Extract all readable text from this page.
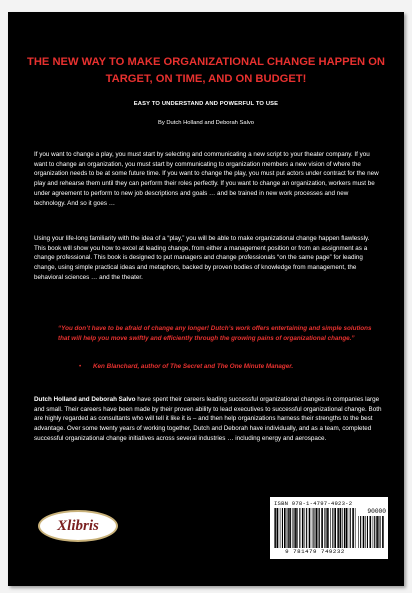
THE NEW WAY TO MAKE ORGANIZATIONAL CHANGE HAPPEN ON TARGET, ON TIME, AND ON BUDGET!
EASY TO UNDERSTAND AND POWERFUL TO USE
By Dutch Holland and Deborah Salvo

If you want to change a play, you must start by selecting and communicating a new script to your theater company. If you want to change an organization, you must start by communicating to organization members a new vision of where the organization needs to be at some future time. If you want to change the play, you must put actors under contract for the new play and rehearse them until they can perform their roles perfectly. If you want to change an organization, workers must be under agreement to perform to new job descriptions and goals … and be trained in new work processes and new technology. And so it goes …

Using your life-long familiarity with the idea of a “play,” you will be able to make organizational change happen flawlessly. This book will show you how to excel at leading change, from either a management position or from an assignment as a change professional. This book is designed to put managers and change professionals “on the same page” for leading change, using simple practical ideas and metaphors, backed by proven bodies of knowledge from management, the behavioral sciences … and the theater.

“You don’t have to be afraid of change any longer! Dutch’s work offers entertaining and simple solutions that will help you move swiftly and efficiently through the growing pains of organizational change.”

• Ken Blanchard, author of The Secret and The One Minute Manager.

Dutch Holland and Deborah Salvo have spent their careers leading successful organizational changes in companies large and small. Their careers have been made by their proven ability to lead executives to successful organizational change. Both are highly regarded as consultants who will tell it like it is – and then help organizations harness their strengths to the best advantage. Over some twenty years of working together, Dutch and Deborah have individually, and as a team, completed successful organizational change initiatives across several industries … including energy and aerospace.

Xlibris
ISBN 978-1-4797-4923-2
90000
9 781479 749232
